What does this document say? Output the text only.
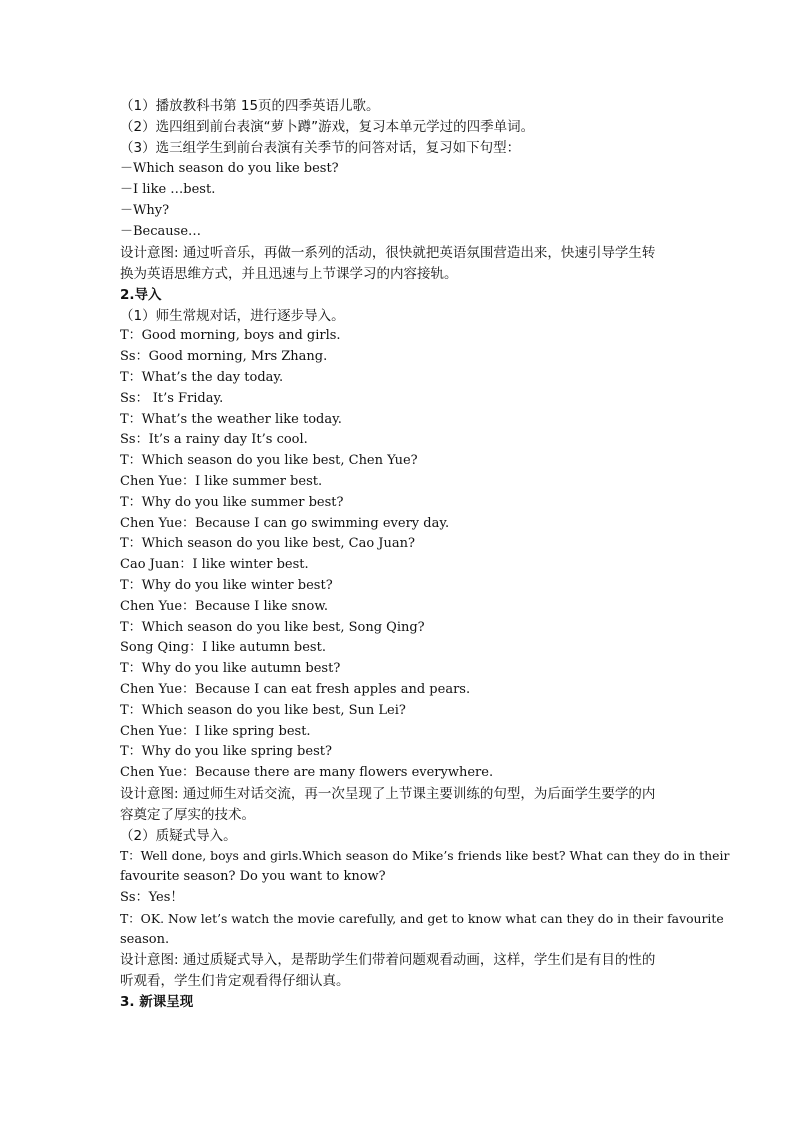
（1）播放教科书第 15页的四季英语儿歌。
（2）选四组到前台表演“萝卜蹲”游戏，复习本单元学过的四季单词。
（3）选三组学生到前台表演有关季节的问答对话，复习如下句型：
－Which season do you like best?
－I like …best.
－Why?
－Because…
设计意图: 通过听音乐，再做一系列的活动，很快就把英语氛围营造出来，快速引导学生转
换为英语思维方式，并且迅速与上节课学习的内容接轨。
2.导入
（1）师生常规对话，进行逐步导入。
T：Good morning, boys and girls.
Ss：Good morning, Mrs Zhang.
T：What’s the day today.
Ss： It’s Friday.
T：What’s the weather like today.
Ss：It’s a rainy day It’s cool.
T：Which season do you like best, Chen Yue?
Chen Yue：I like summer best.
T：Why do you like summer best?
Chen Yue：Because I can go swimming every day.
T：Which season do you like best, Cao Juan?
Cao Juan：I like winter best.
T：Why do you like winter best?
Chen Yue：Because I like snow.
T：Which season do you like best, Song Qing?
Song Qing：I like autumn best.
T：Why do you like autumn best?
Chen Yue：Because I can eat fresh apples and pears.
T：Which season do you like best, Sun Lei?
Chen Yue：I like spring best.
T：Why do you like spring best?
Chen Yue：Because there are many flowers everywhere.
设计意图: 通过师生对话交流，再一次呈现了上节课主要训练的句型，为后面学生要学的内
容奠定了厚实的技术。
（2）质疑式导入。
T：Well done, boys and girls.Which season do Mike’s friends like best? What can they do in their
favourite season? Do you want to know?
Ss：Yes！
T：OK. Now let’s watch the movie carefully, and get to know what can they do in their favourite
season.
设计意图: 通过质疑式导入，是帮助学生们带着问题观看动画，这样，学生们是有目的性的
听观看，学生们肯定观看得仔细认真。
3. 新课呈现
